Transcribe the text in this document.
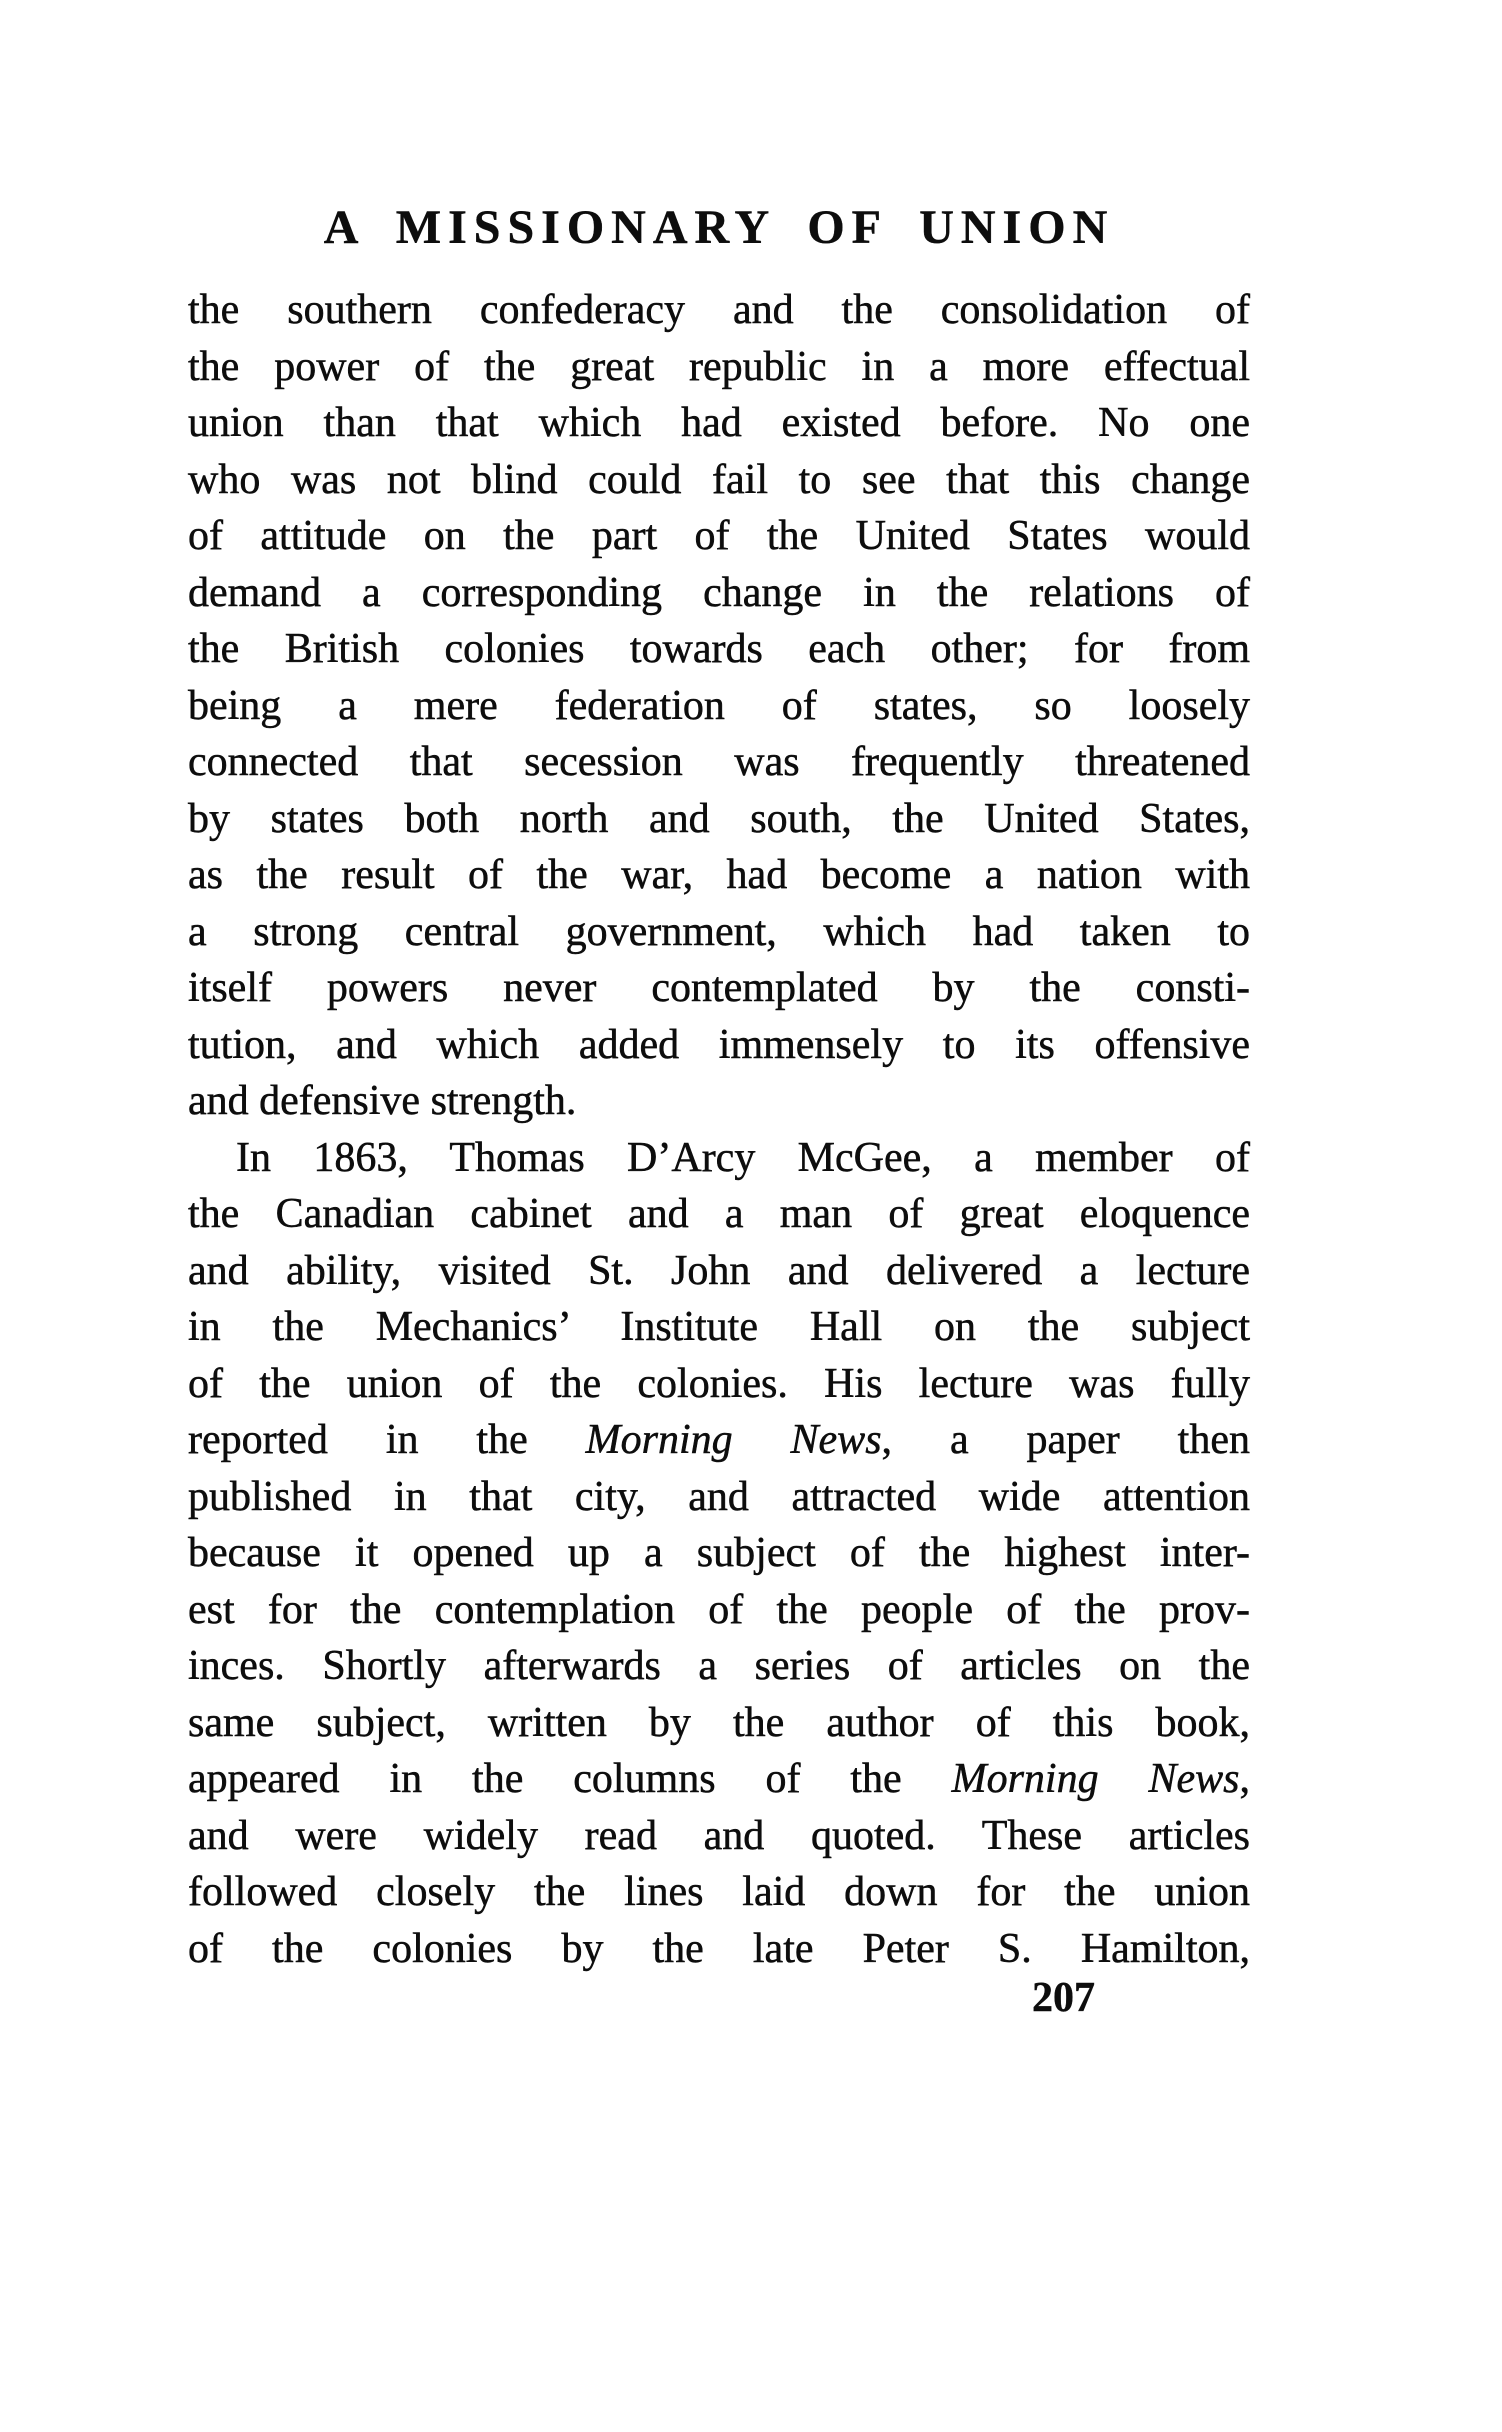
A MISSIONARY OF UNION
the southern confederacy and the consolidation of
the power of the great republic in a more effectual
union than that which had existed before. No one
who was not blind could fail to see that this change
of attitude on the part of the United States would
demand a corresponding change in the relations of
the British colonies towards each other; for from
being a mere federation of states, so loosely
connected that secession was frequently threatened
by states both north and south, the United States,
as the result of the war, had become a nation with
a strong central government, which had taken to
itself powers never contemplated by the consti-
tution, and which added immensely to its offensive
and defensive strength.
In 1863, Thomas D’Arcy McGee, a member of
the Canadian cabinet and a man of great eloquence
and ability, visited St. John and delivered a lecture
in the Mechanics’ Institute Hall on the subject
of the union of the colonies. His lecture was fully
reported in the Morning News, a paper then
published in that city, and attracted wide attention
because it opened up a subject of the highest inter-
est for the contemplation of the people of the prov-
inces. Shortly afterwards a series of articles on the
same subject, written by the author of this book,
appeared in the columns of the Morning News,
and were widely read and quoted. These articles
followed closely the lines laid down for the union
of the colonies by the late Peter S. Hamilton,
207
